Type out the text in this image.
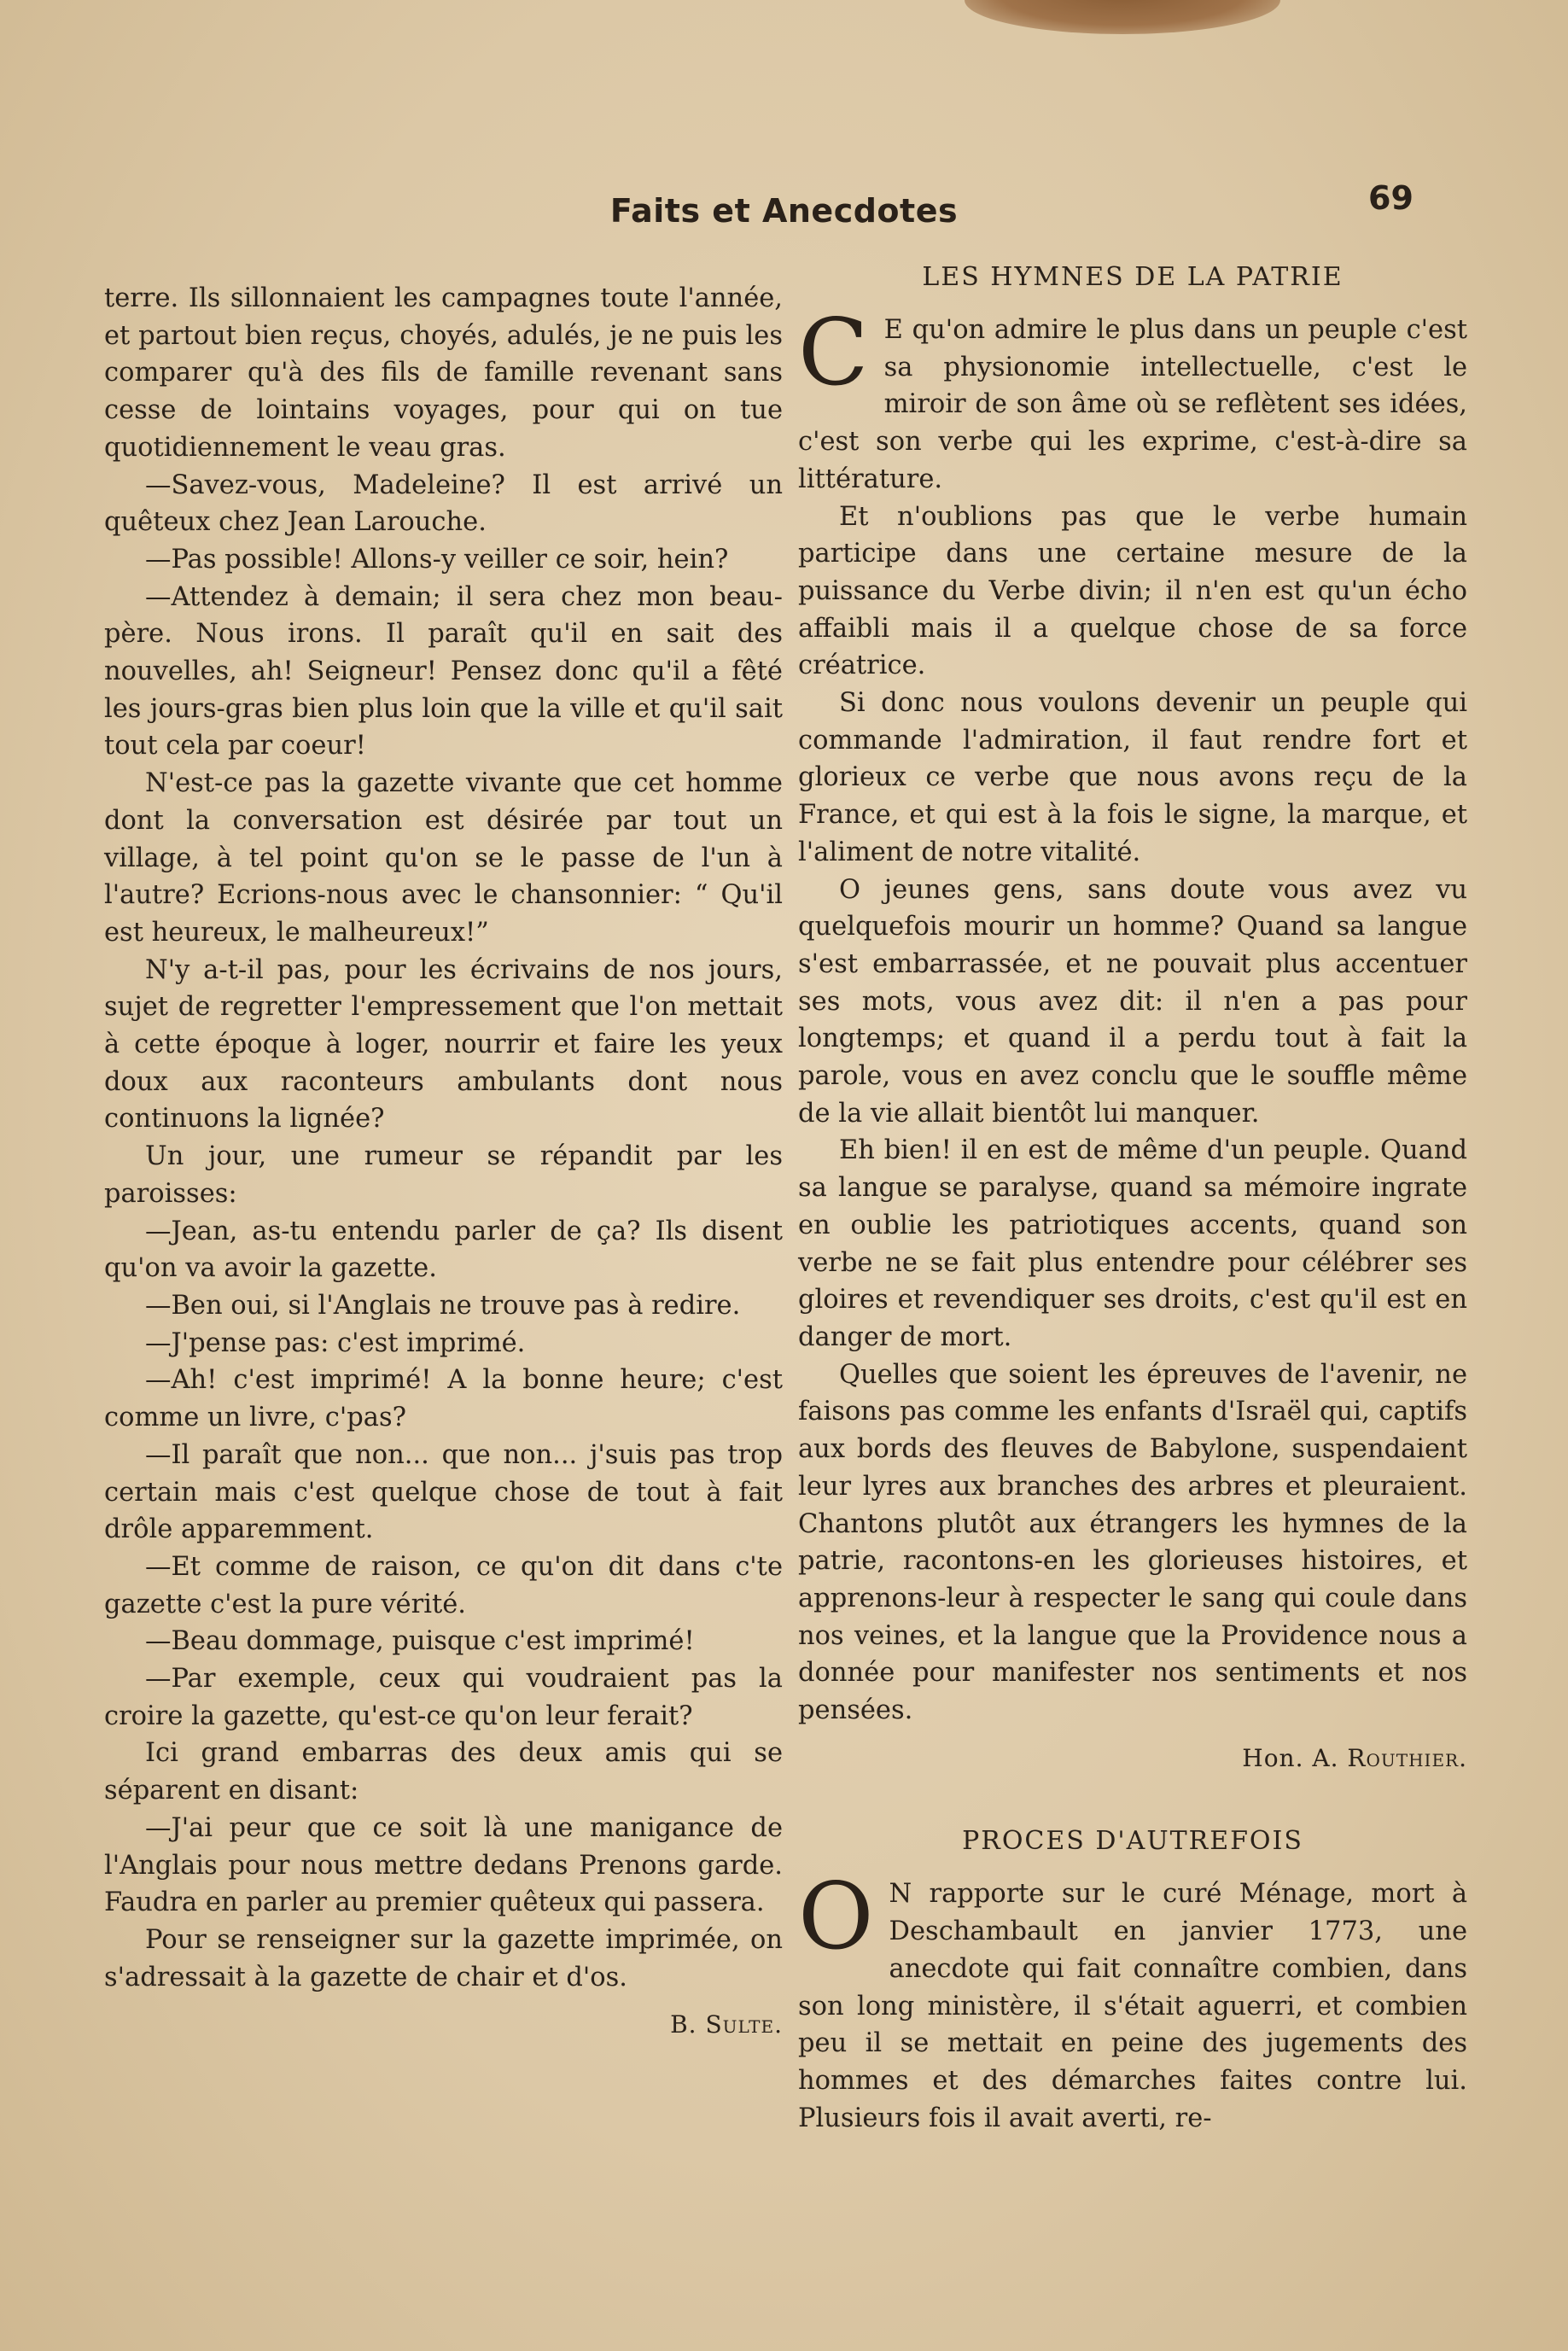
Faits et Anecdotes	69

terre. Ils sillonnaient les campagnes toute l'année, et partout bien reçus, choyés, adulés, je ne puis les comparer qu'à des fils de famille revenant sans cesse de lointains voyages, pour qui on tue quotidiennement le veau gras.

—Savez-vous, Madeleine? Il est arrivé un quêteux chez Jean Larouche.

—Pas possible! Allons-y veiller ce soir, hein?

—Attendez à demain; il sera chez mon beau-père. Nous irons. Il paraît qu'il en sait des nouvelles, ah! Seigneur! Pensez donc qu'il a fêté les jours-gras bien plus loin que la ville et qu'il sait tout cela par coeur!

N'est-ce pas la gazette vivante que cet homme dont la conversation est désirée par tout un village, à tel point qu'on se le passe de l'un à l'autre? Ecrions-nous avec le chansonnier: “ Qu'il est heureux, le malheureux!”

N'y a-t-il pas, pour les écrivains de nos jours, sujet de regretter l'empressement que l'on mettait à cette époque à loger, nourrir et faire les yeux doux aux raconteurs ambulants dont nous continuons la lignée?

Un jour, une rumeur se répandit par les paroisses:

—Jean, as-tu entendu parler de ça? Ils disent qu'on va avoir la gazette.

—Ben oui, si l'Anglais ne trouve pas à redire.

—J'pense pas: c'est imprimé.

—Ah! c'est imprimé! A la bonne heure; c'est comme un livre, c'pas?

—Il paraît que non... que non... j'suis pas trop certain mais c'est quelque chose de tout à fait drôle apparemment.

—Et comme de raison, ce qu'on dit dans c'te gazette c'est la pure vérité.

—Beau dommage, puisque c'est imprimé!

—Par exemple, ceux qui voudraient pas la croire la gazette, qu'est-ce qu'on leur ferait?

Ici grand embarras des deux amis qui se séparent en disant:

—J'ai peur que ce soit là une manigance de l'Anglais pour nous mettre dedans Prenons garde. Faudra en parler au premier quêteux qui passera.

Pour se renseigner sur la gazette imprimée, on s'adressait à la gazette de chair et d'os.

B. Sulte.
LES HYMNES DE LA PATRIE
C E qu'on admire le plus dans un peuple c'est sa physionomie intellectuelle, c'est le miroir de son âme où se reflètent ses idées, c'est son verbe qui les exprime, c'est-à-dire sa littérature.

Et n'oublions pas que le verbe humain participe dans une certaine mesure de la puissance du Verbe divin; il n'en est qu'un écho affaibli mais il a quelque chose de sa force créatrice.

Si donc nous voulons devenir un peuple qui commande l'admiration, il faut rendre fort et glorieux ce verbe que nous avons reçu de la France, et qui est à la fois le signe, la marque, et l'aliment de notre vitalité.

O jeunes gens, sans doute vous avez vu quelquefois mourir un homme? Quand sa langue s'est embarrassée, et ne pouvait plus accentuer ses mots, vous avez dit: il n'en a pas pour longtemps; et quand il a perdu tout à fait la parole, vous en avez conclu que le souffle même de la vie allait bientôt lui manquer.

Eh bien! il en est de même d'un peuple. Quand sa langue se paralyse, quand sa mémoire ingrate en oublie les patriotiques accents, quand son verbe ne se fait plus entendre pour célébrer ses gloires et revendiquer ses droits, c'est qu'il est en danger de mort.

Quelles que soient les épreuves de l'avenir, ne faisons pas comme les enfants d'Israël qui, captifs aux bords des fleuves de Babylone, suspendaient leur lyres aux branches des arbres et pleuraient. Chantons plutôt aux étrangers les hymnes de la patrie, racontons-en les glorieuses histoires, et apprenons-leur à respecter le sang qui coule dans nos veines, et la langue que la Providence nous a donnée pour manifester nos sentiments et nos pensées.

Hon. A. Routhier.
PROCES D'AUTREFOIS
O N rapporte sur le curé Ménage, mort à Deschambault en janvier 1773, une anecdote qui fait connaître combien, dans son long ministère, il s'était aguerri, et combien peu il se mettait en peine des jugements des hommes et des démarches faites contre lui. Plusieurs fois il avait averti, re-
